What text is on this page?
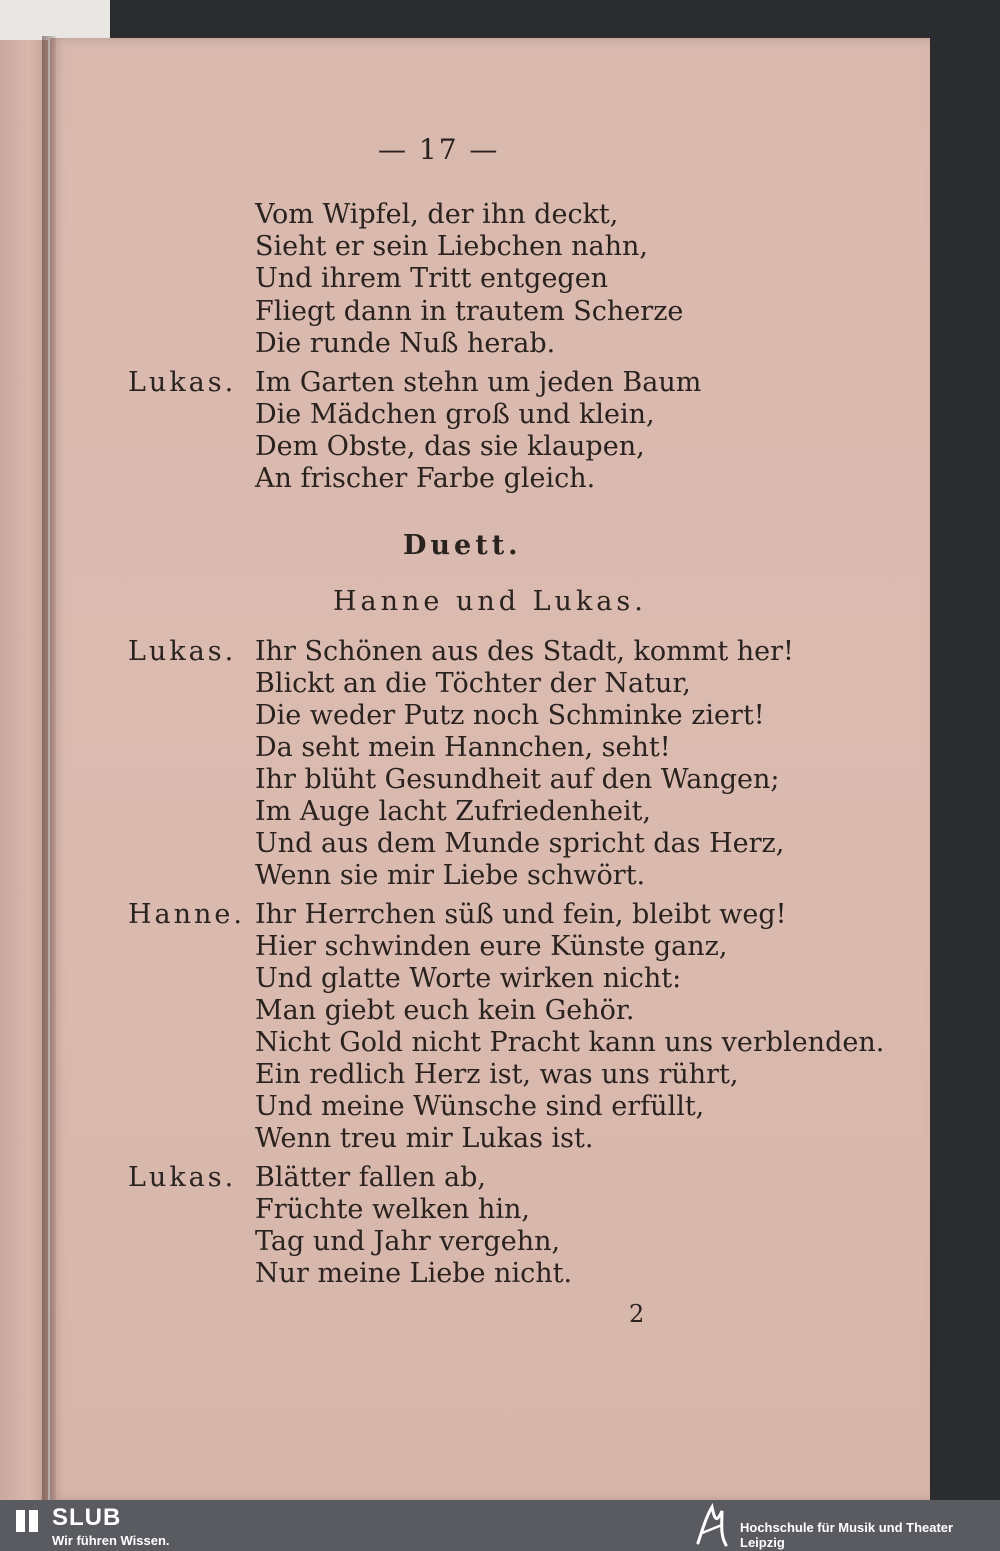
— 17 —
Vom Wipfel, der ihn deckt,
Sieht er sein Liebchen nahn,
Und ihrem Tritt entgegen
Fliegt dann in trautem Scherze
Die runde Nuß herab.
Lukas. Im Garten stehn um jeden Baum
Die Mädchen groß und klein,
Dem Obste, das sie klaupen,
An frischer Farbe gleich.
Duett.
Hanne und Lukas.
Lukas. Ihr Schönen aus des Stadt, kommt her!
Blickt an die Töchter der Natur,
Die weder Putz noch Schminke ziert!
Da seht mein Hannchen, seht!
Ihr blüht Gesundheit auf den Wangen;
Im Auge lacht Zufriedenheit,
Und aus dem Munde spricht das Herz,
Wenn sie mir Liebe schwört.
Hanne. Ihr Herrchen süß und fein, bleibt weg!
Hier schwinden eure Künste ganz,
Und glatte Worte wirken nicht:
Man giebt euch kein Gehör.
Nicht Gold nicht Pracht kann uns verblenden.
Ein redlich Herz ist, was uns rührt,
Und meine Wünsche sind erfüllt,
Wenn treu mir Lukas ist.
Lukas. Blätter fallen ab,
Früchte welken hin,
Tag und Jahr vergehn,
Nur meine Liebe nicht.
2
SLUB
Wir führen Wissen.
Hochschule für Musik und Theater Leipzig
